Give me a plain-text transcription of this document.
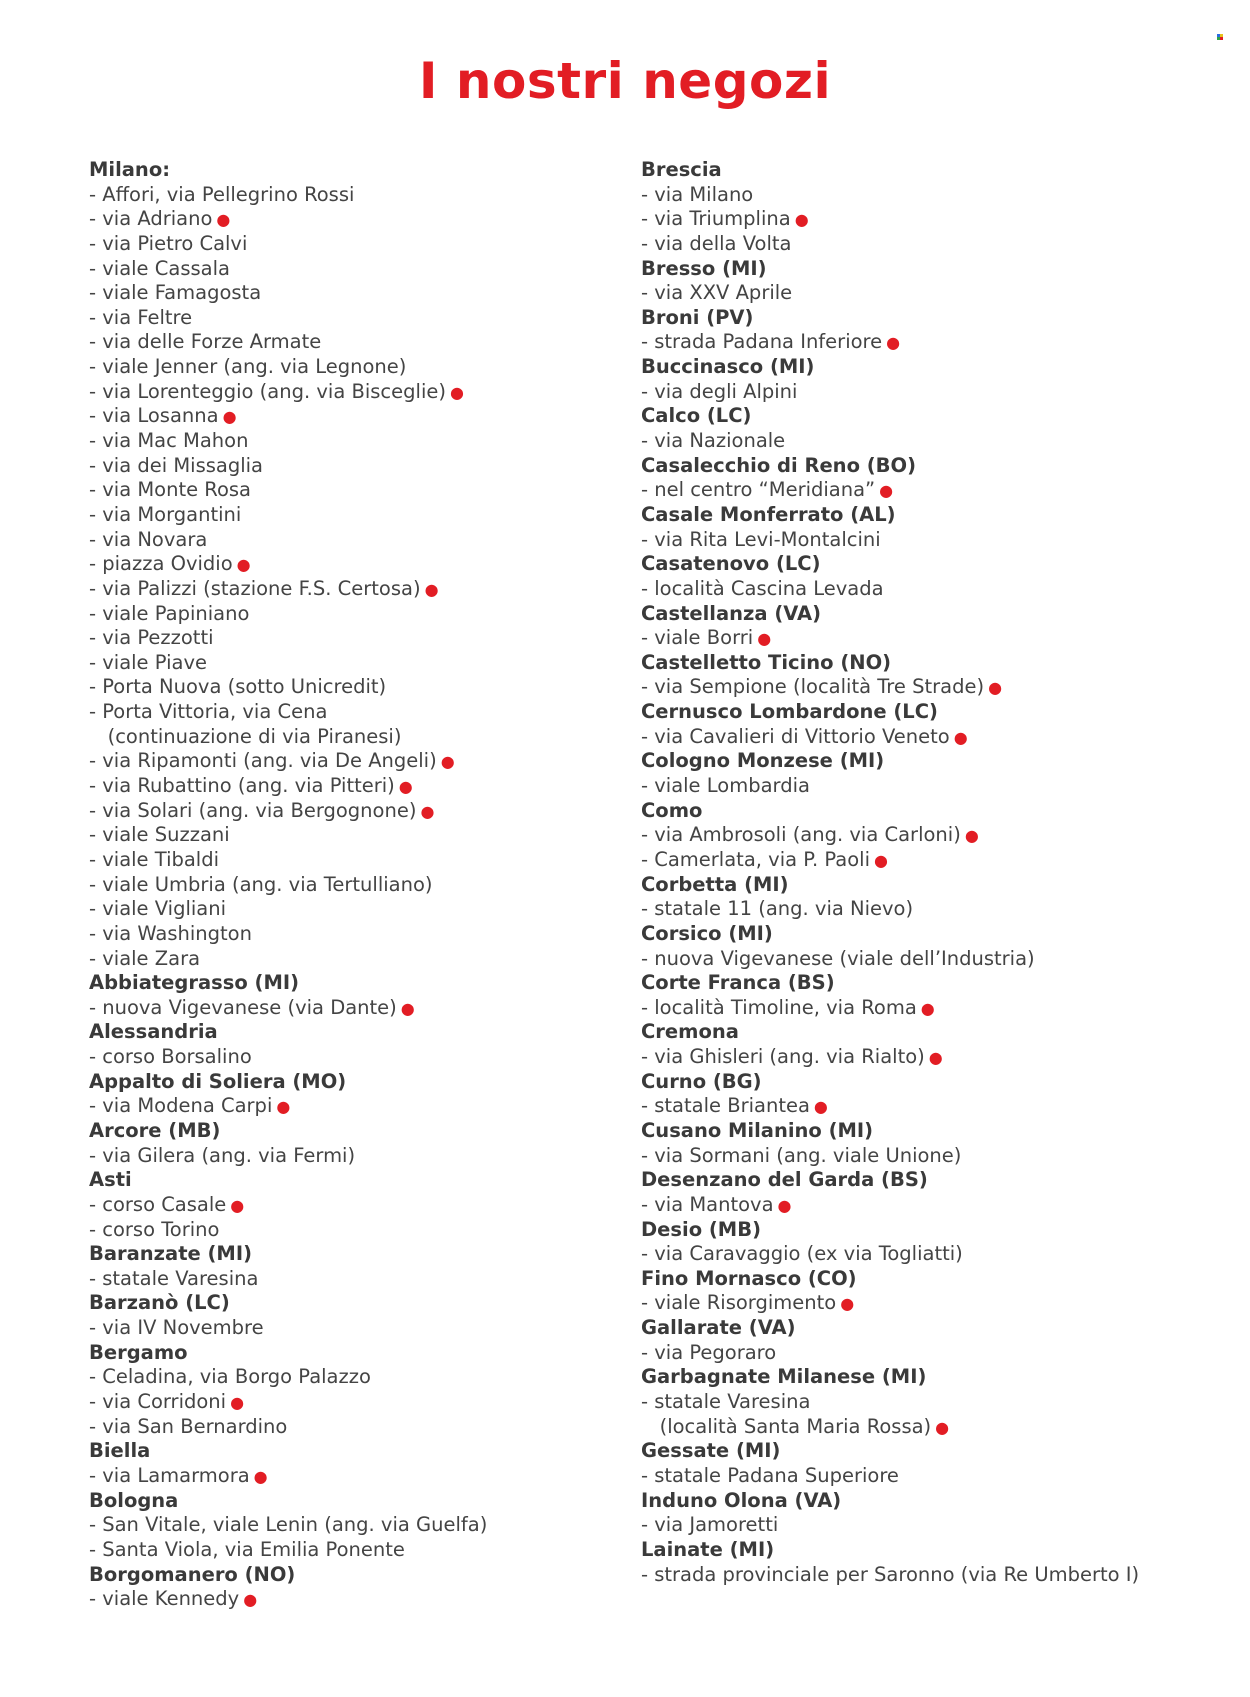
I nostri negozi
Milano:
- Affori, via Pellegrino Rossi
- via Adriano ●
- via Pietro Calvi
- viale Cassala
- viale Famagosta
- via Feltre
- via delle Forze Armate
- viale Jenner (ang. via Legnone)
- via Lorenteggio (ang. via Bisceglie) ●
- via Losanna ●
- via Mac Mahon
- via dei Missaglia
- via Monte Rosa
- via Morgantini
- via Novara
- piazza Ovidio ●
- via Palizzi (stazione F.S. Certosa) ●
- viale Papiniano
- via Pezzotti
- viale Piave
- Porta Nuova (sotto Unicredit)
- Porta Vittoria, via Cena
(continuazione di via Piranesi)
- via Ripamonti (ang. via De Angeli) ●
- via Rubattino (ang. via Pitteri) ●
- via Solari (ang. via Bergognone) ●
- viale Suzzani
- viale Tibaldi
- viale Umbria (ang. via Tertulliano)
- viale Vigliani
- via Washington
- viale Zara
Abbiategrasso (MI)
- nuova Vigevanese (via Dante) ●
Alessandria
- corso Borsalino
Appalto di Soliera (MO)
- via Modena Carpi ●
Arcore (MB)
- via Gilera (ang. via Fermi)
Asti
- corso Casale ●
- corso Torino
Baranzate (MI)
- statale Varesina
Barzanò (LC)
- via IV Novembre
Bergamo
- Celadina, via Borgo Palazzo
- via Corridoni ●
- via San Bernardino
Biella
- via Lamarmora ●
Bologna
- San Vitale, viale Lenin (ang. via Guelfa)
- Santa Viola, via Emilia Ponente
Borgomanero (NO)
- viale Kennedy ●
Brescia
- via Milano
- via Triumplina ●
- via della Volta
Bresso (MI)
- via XXV Aprile
Broni (PV)
- strada Padana Inferiore ●
Buccinasco (MI)
- via degli Alpini
Calco (LC)
- via Nazionale
Casalecchio di Reno (BO)
- nel centro “Meridiana” ●
Casale Monferrato (AL)
- via Rita Levi-Montalcini
Casatenovo (LC)
- località Cascina Levada
Castellanza (VA)
- viale Borri ●
Castelletto Ticino (NO)
- via Sempione (località Tre Strade) ●
Cernusco Lombardone (LC)
- via Cavalieri di Vittorio Veneto ●
Cologno Monzese (MI)
- viale Lombardia
Como
- via Ambrosoli (ang. via Carloni) ●
- Camerlata, via P. Paoli ●
Corbetta (MI)
- statale 11 (ang. via Nievo)
Corsico (MI)
- nuova Vigevanese (viale dell’Industria)
Corte Franca (BS)
- località Timoline, via Roma ●
Cremona
- via Ghisleri (ang. via Rialto) ●
Curno (BG)
- statale Briantea ●
Cusano Milanino (MI)
- via Sormani (ang. viale Unione)
Desenzano del Garda (BS)
- via Mantova ●
Desio (MB)
- via Caravaggio (ex via Togliatti)
Fino Mornasco (CO)
- viale Risorgimento ●
Gallarate (VA)
- via Pegoraro
Garbagnate Milanese (MI)
- statale Varesina
(località Santa Maria Rossa) ●
Gessate (MI)
- statale Padana Superiore
Induno Olona (VA)
- via Jamoretti
Lainate (MI)
- strada provinciale per Saronno (via Re Umberto I)
